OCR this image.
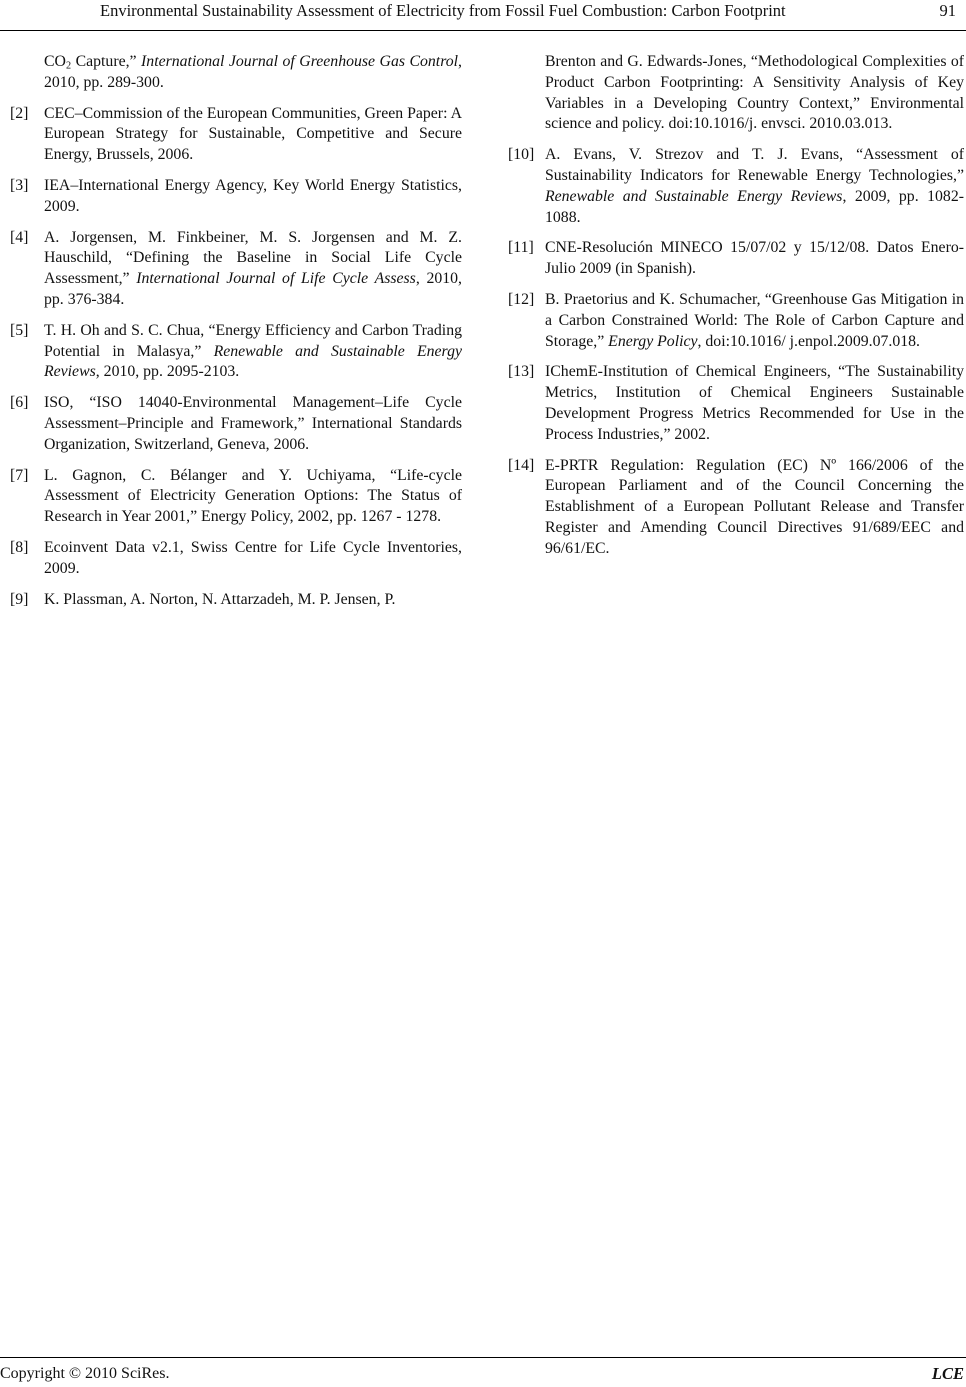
Environmental Sustainability Assessment of Electricity from Fossil Fuel Combustion: Carbon Footprint	91
$CO_2$ Capture,” International Journal of Greenhouse Gas Control, 2010, pp. 289-300.
[2] CEC–Commission of the European Communities, Green Paper: A European Strategy for Sustainable, Competitive and Secure Energy, Brussels, 2006.
[3] IEA–International Energy Agency, Key World Energy Statistics, 2009.
[4] A. Jorgensen, M. Finkbeiner, M. S. Jorgensen and M. Z. Hauschild, “Defining the Baseline in Social Life Cycle Assessment,” International Journal of Life Cycle Assess, 2010, pp. 376-384.
[5] T. H. Oh and S. C. Chua, “Energy Efficiency and Carbon Trading Potential in Malasya,” Renewable and Sustainable Energy Reviews, 2010, pp. 2095-2103.
[6] ISO, “ISO 14040-Environmental Management–Life Cycle Assessment–Principle and Framework,” International Standards Organization, Switzerland, Geneva, 2006.
[7] L. Gagnon, C. Bélanger and Y. Uchiyama, “Life-cycle Assessment of Electricity Generation Options: The Status of Research in Year 2001,” Energy Policy, 2002, pp. 1267 - 1278.
[8] Ecoinvent Data v2.1, Swiss Centre for Life Cycle Inventories, 2009.
[9] K. Plassman, A. Norton, N. Attarzadeh, M. P. Jensen, P.
Brenton and G. Edwards-Jones, “Methodological Complexities of Product Carbon Footprinting: A Sensitivity Analysis of Key Variables in a Developing Country Context,” Environmental science and policy. doi:10.1016/j. envsci. 2010.03.013.
[10] A. Evans, V. Strezov and T. J. Evans, “Assessment of Sustainability Indicators for Renewable Energy Technologies,” Renewable and Sustainable Energy Reviews, 2009, pp. 1082-1088.
[11] CNE-Resolución MINECO 15/07/02 y 15/12/08. Datos Enero-Julio 2009 (in Spanish).
[12] B. Praetorius and K. Schumacher, “Greenhouse Gas Mitigation in a Carbon Constrained World: The Role of Carbon Capture and Storage,” Energy Policy, doi:10.1016/ j.enpol.2009.07.018.
[13] IChemE-Institution of Chemical Engineers, “The Sustainability Metrics, Institution of Chemical Engineers Sustainable Development Progress Metrics Recommended for Use in the Process Industries,” 2002.
[14] E-PRTR Regulation: Regulation (EC) Nº 166/2006 of the European Parliament and of the Council Concerning the Establishment of a European Pollutant Release and Transfer Register and Amending Council Directives 91/689/EEC and 96/61/EC.
Copyright © 2010 SciRes.	LCE
